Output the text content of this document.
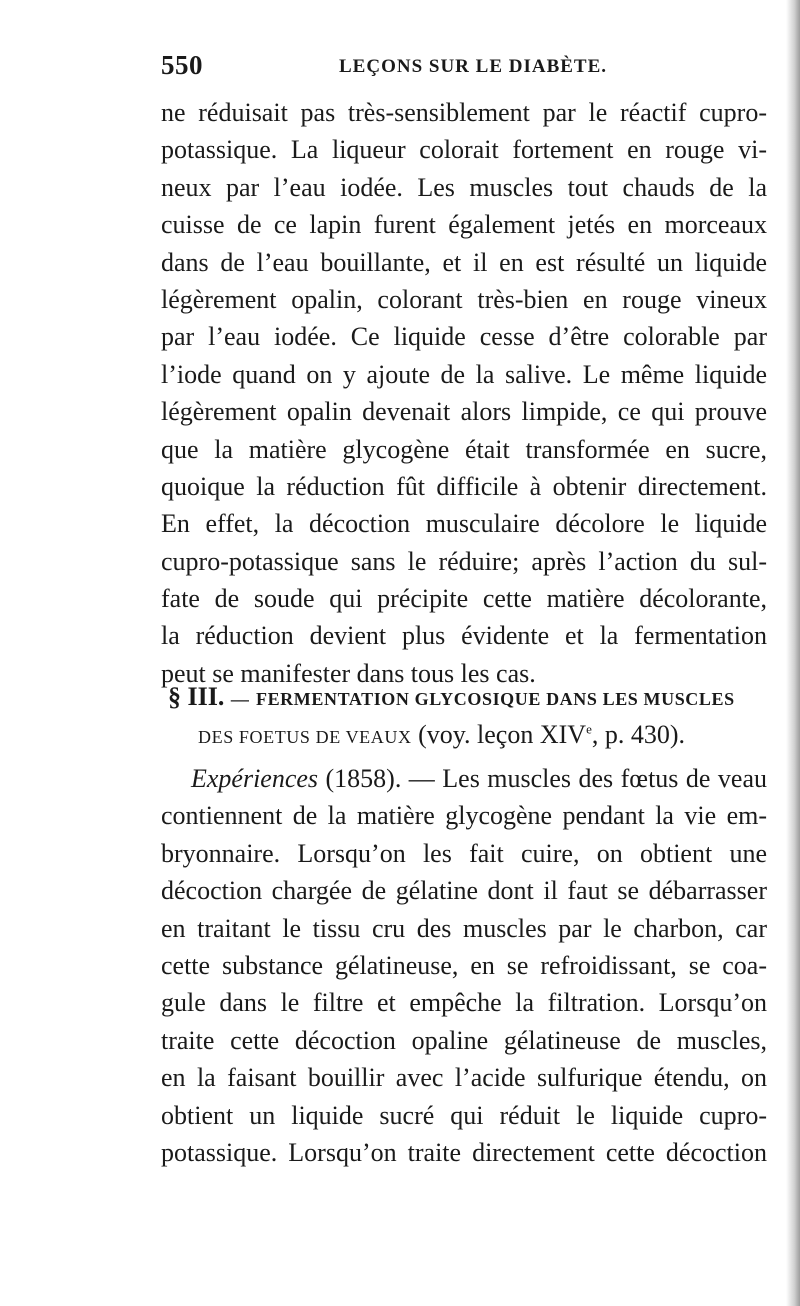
550	LEÇONS SUR LE DIABÈTE.
ne réduisait pas très-sensiblement par le réactif cupro-
potassique. La liqueur colorait fortement en rouge vi-
neux par l’eau iodée. Les muscles tout chauds de la
cuisse de ce lapin furent également jetés en morceaux
dans de l’eau bouillante, et il en est résulté un liquide
légèrement opalin, colorant très-bien en rouge vineux
par l’eau iodée. Ce liquide cesse d’être colorable par
l’iode quand on y ajoute de la salive. Le même liquide
légèrement opalin devenait alors limpide, ce qui prouve
que la matière glycogène était transformée en sucre,
quoique la réduction fût difficile à obtenir directement.
En effet, la décoction musculaire décolore le liquide
cupro-potassique sans le réduire; après l’action du sul-
fate de soude qui précipite cette matière décolorante,
la réduction devient plus évidente et la fermentation
peut se manifester dans tous les cas.
§ III. — FERMENTATION GLYCOSIQUE DANS LES MUSCLES
DES FOETUS DE VEAUX (voy. leçon XIVe, p. 430).
Expériences (1858). — Les muscles des fœtus de veau
contiennent de la matière glycogène pendant la vie em-
bryonnaire. Lorsqu’on les fait cuire, on obtient une
décoction chargée de gélatine dont il faut se débarrasser
en traitant le tissu cru des muscles par le charbon, car
cette substance gélatineuse, en se refroidissant, se coa-
gule dans le filtre et empêche la filtration. Lorsqu’on
traite cette décoction opaline gélatineuse de muscles,
en la faisant bouillir avec l’acide sulfurique étendu, on
obtient un liquide sucré qui réduit le liquide cupro-
potassique. Lorsqu’on traite directement cette décoction
